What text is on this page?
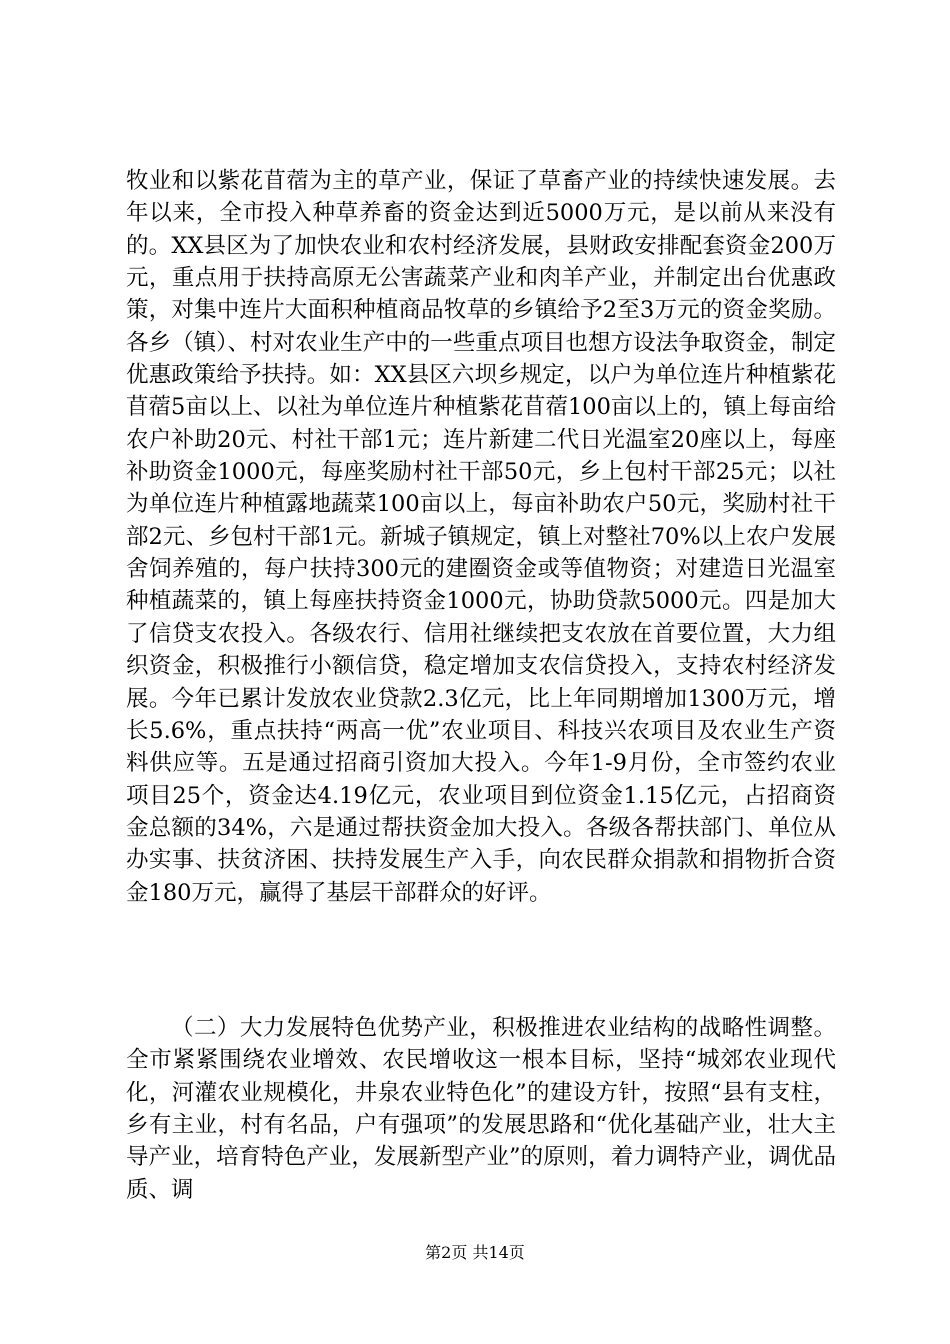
牧业和以紫花苜蓿为主的草产业，保证了草畜产业的持续快速发展。去年以来，全市投入种草养畜的资金达到近5000万元，是以前从来没有的。XX县区为了加快农业和农村经济发展，县财政安排配套资金200万元，重点用于扶持高原无公害蔬菜产业和肉羊产业，并制定出台优惠政策，对集中连片大面积种植商品牧草的乡镇给予2至3万元的资金奖励。各乡（镇）、村对农业生产中的一些重点项目也想方设法争取资金，制定优惠政策给予扶持。如：XX县区六坝乡规定，以户为单位连片种植紫花苜蓿5亩以上、以社为单位连片种植紫花苜蓿100亩以上的，镇上每亩给农户补助20元、村社干部1元；连片新建二代日光温室20座以上，每座补助资金1000元，每座奖励村社干部50元，乡上包村干部25元；以社为单位连片种植露地蔬菜100亩以上，每亩补助农户50元，奖励村社干部2元、乡包村干部1元。新城子镇规定，镇上对整社70%以上农户发展舍饲养殖的，每户扶持300元的建圈资金或等值物资；对建造日光温室种植蔬菜的，镇上每座扶持资金1000元，协助贷款5000元。四是加大了信贷支农投入。各级农行、信用社继续把支农放在首要位置，大力组织资金，积极推行小额信贷，稳定增加支农信贷投入，支持农村经济发展。今年已累计发放农业贷款2.3亿元，比上年同期增加1300万元，增长5.6%，重点扶持“两高一优”农业项目、科技兴农项目及农业生产资料供应等。五是通过招商引资加大投入。今年1-9月份，全市签约农业项目25个，资金达4.19亿元，农业项目到位资金1.15亿元，占招商资金总额的34%，六是通过帮扶资金加大投入。各级各帮扶部门、单位从办实事、扶贫济困、扶持发展生产入手，向农民群众捐款和捐物折合资金180万元，赢得了基层干部群众的好评。

（二）大力发展特色优势产业，积极推进农业结构的战略性调整。全市紧紧围绕农业增效、农民增收这一根本目标，坚持“城郊农业现代化，河灌农业规模化，井泉农业特色化”的建设方针，按照“县有支柱，乡有主业，村有名品，户有强项”的发展思路和“优化基础产业，壮大主导产业，培育特色产业，发展新型产业”的原则，着力调特产业，调优品质、调

第2页 共14页
